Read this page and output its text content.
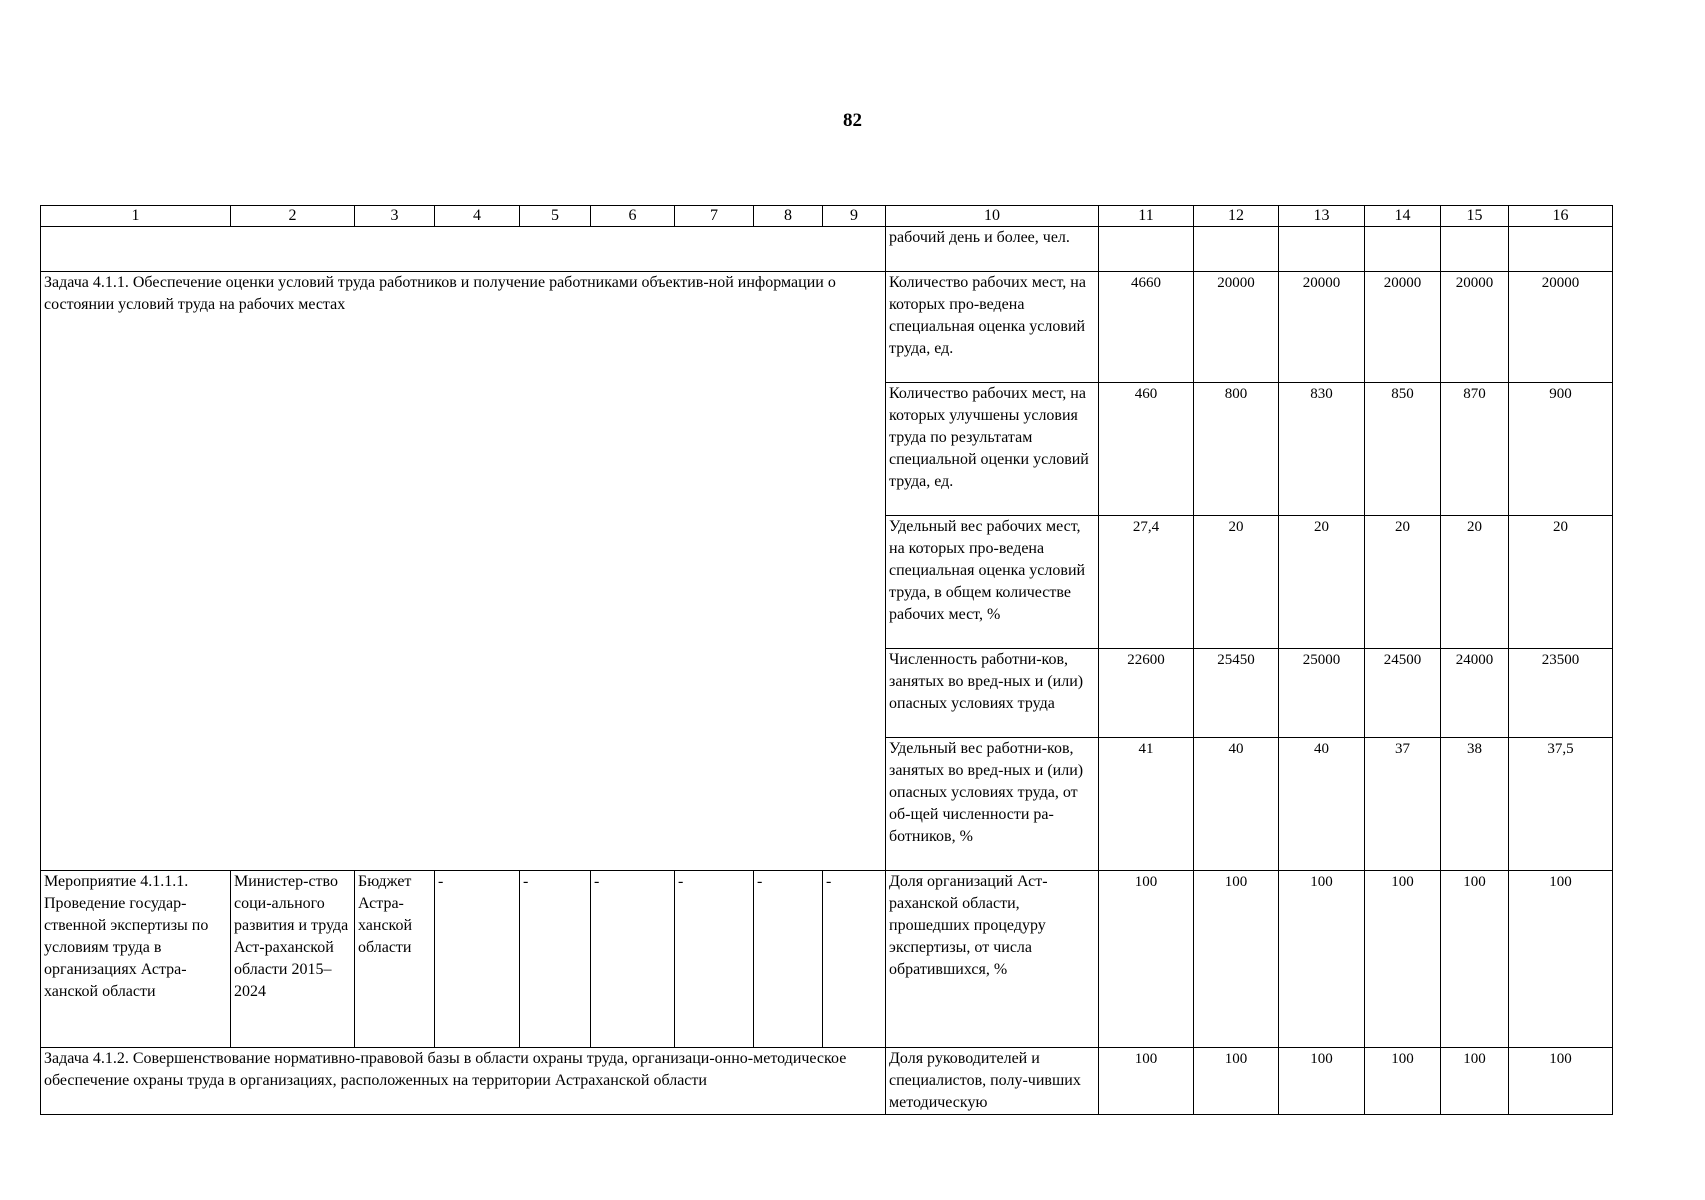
82
1	2	3	4	5	6	7	8	9	10	11	12	13	14	15	16
									рабочий день и более, чел.						
Задача 4.1.1. Обеспечение оценки условий труда работников и получение работниками объектив-ной информации о состоянии условий труда на рабочих местах									Количество рабочих мест, на которых про-ведена специальная оценка условий труда, ед.	4660	20000	20000	20000	20000	20000
									Количество рабочих мест, на которых улучшены условия труда по результатам специальной оценки условий труда, ед.	460	800	830	850	870	900
									Удельный вес рабочих мест, на которых про-ведена специальная оценка условий труда, в общем количестве рабочих мест, %	27,4	20	20	20	20	20
									Численность работни-ков, занятых во вред-ных и (или) опасных условиях труда	22600	25450	25000	24500	24000	23500
									Удельный вес работни-ков, занятых во вред-ных и (или) опасных условиях труда, от об-щей численности ра-ботников, %	41	40	40	37	38	37,5
Мероприятие 4.1.1.1. Проведение государ-ственной экспертизы по условиям труда в организациях Астра-ханской области	Министер-ство соци-ального развития и труда Аст-раханской области 2015–2024	Бюджет Астра-ханской области	-	-	-	-	-	-	Доля организаций Аст-раханской области, прошедших процедуру экспертизы, от числа обратившихся, %	100	100	100	100	100	100
Задача 4.1.2. Совершенствование нормативно-правовой базы в области охраны труда, организаци-онно-методическое обеспечение охраны труда в организациях, расположенных на территории Астраханской области									Доля руководителей и специалистов, полу-чивших методическую	100	100	100	100	100	100
